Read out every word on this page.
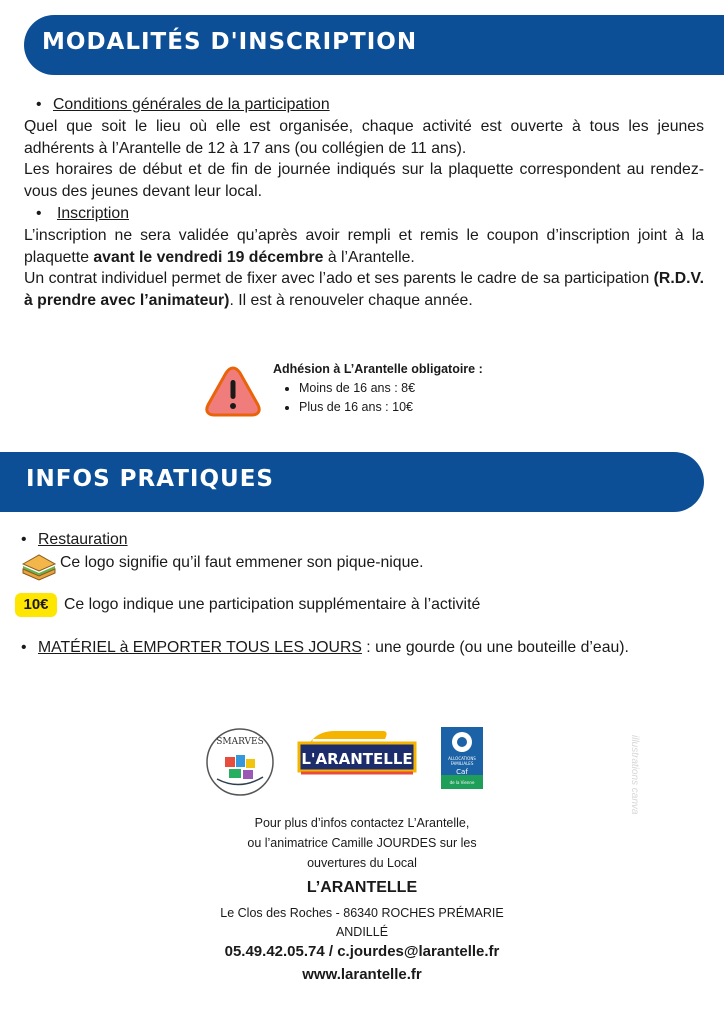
MODALITÉS D'INSCRIPTION
• Conditions générales de la participation
Quel que soit le lieu où elle est organisée, chaque activité est ouverte à tous les jeunes adhérents à l’Arantelle de 12 à 17 ans (ou collégien de 11 ans).
Les horaires de début et de fin de journée indiqués sur la plaquette correspondent au rendez-vous des jeunes devant leur local.
• Inscription
L’inscription ne sera validée qu’après avoir rempli et remis le coupon d’inscription joint à la plaquette avant le vendredi 19 décembre à l’Arantelle.
Un contrat individuel permet de fixer avec l’ado et ses parents le cadre de sa participation (R.D.V. à prendre avec l’animateur). Il est à renouveler chaque année.
Adhésion à L’Arantelle obligatoire :
• Moins de 16 ans : 8€
• Plus de 16 ans : 10€
INFOS PRATIQUES
• Restauration
Ce logo signifie qu’il faut emmener son pique-nique.
10€ Ce logo indique une participation supplémentaire à l’activité
• MATÉRIEL à EMPORTER TOUS LES JOURS : une gourde (ou une bouteille d’eau).
SMARVES
L'ARANTELLE	ALLOCATIONS
FAMILIALES
Caf
de la Vienne	illustrations canva
Pour plus d’infos contactez L’Arantelle,
ou l’animatrice Camille JOURDES sur les
ouvertures du Local
L’ARANTELLE
Le Clos des Roches - 86340 ROCHES PRÉMARIE
ANDILLÉ
05.49.42.05.74 / c.jourdes@larantelle.fr
www.larantelle.fr
